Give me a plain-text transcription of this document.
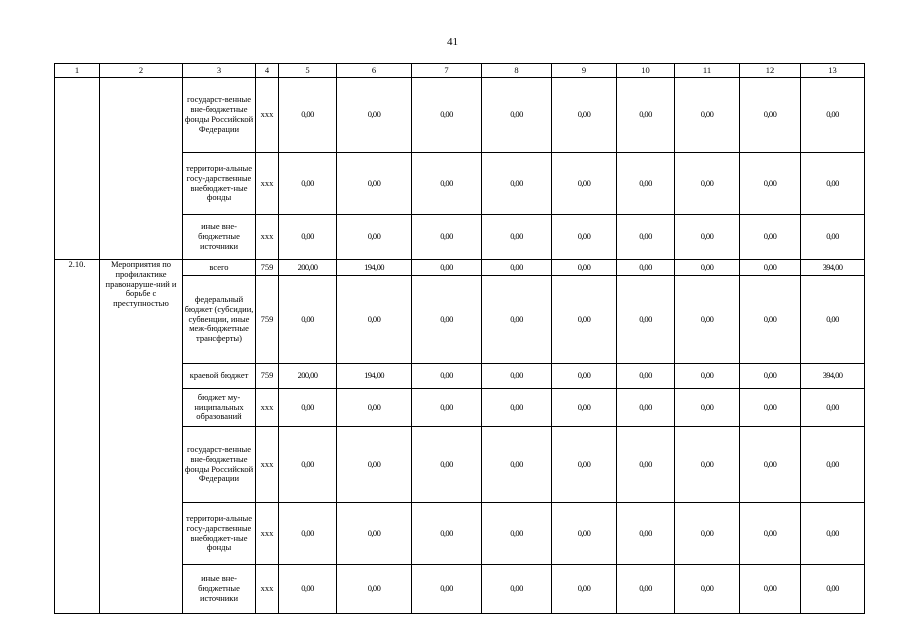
41
1	2	3	4	5	6	7	8	9	10	11	12	13
		государст-венные вне-бюджетные фонды Российской Федерации	ххх	0,00	0,00	0,00	0,00	0,00	0,00	0,00	0,00	0,00
		территори-альные госу-дарственные внебюджет-ные фонды	ххх	0,00	0,00	0,00	0,00	0,00	0,00	0,00	0,00	0,00
		иные вне-бюджетные источники	ххх	0,00	0,00	0,00	0,00	0,00	0,00	0,00	0,00	0,00
2.10.	Мероприятия по профилактике правонаруше-ний и борьбе с преступностью	всего	759	200,00	194,00	0,00	0,00	0,00	0,00	0,00	0,00	394,00
		федеральный бюджет (субсидии, субвенции, иные меж-бюджетные трансферты)	759	0,00	0,00	0,00	0,00	0,00	0,00	0,00	0,00	0,00
		краевой бюджет	759	200,00	194,00	0,00	0,00	0,00	0,00	0,00	0,00	394,00
		бюджет му-ниципальных образований	ххх	0,00	0,00	0,00	0,00	0,00	0,00	0,00	0,00	0,00
		государст-венные вне-бюджетные фонды Российской Федерации	ххх	0,00	0,00	0,00	0,00	0,00	0,00	0,00	0,00	0,00
		территори-альные госу-дарственные внебюджет-ные фонды	ххх	0,00	0,00	0,00	0,00	0,00	0,00	0,00	0,00	0,00
		иные вне-бюджетные источники	ххх	0,00	0,00	0,00	0,00	0,00	0,00	0,00	0,00	0,00
